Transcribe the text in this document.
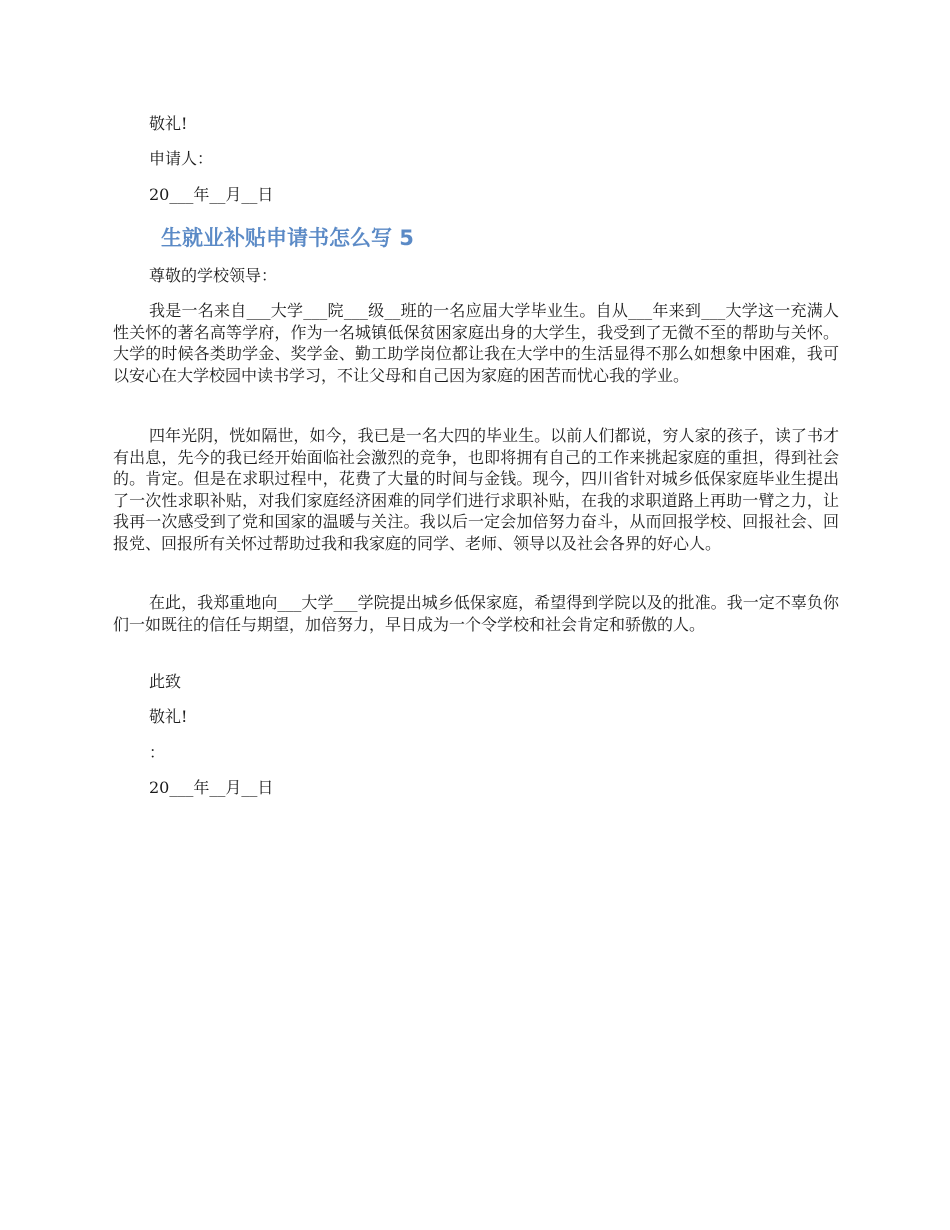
敬礼!
申请人：
20___年__月__日
生就业补贴申请书怎么写 5
尊敬的学校领导：
我是一名来自___大学___院___级__班的一名应届大学毕业生。自从___年来到___大学这一充满人性关怀的著名高等学府，作为一名城镇低保贫困家庭出身的大学生，我受到了无微不至的帮助与关怀。大学的时候各类助学金、奖学金、勤工助学岗位都让我在大学中的生活显得不那么如想象中困难，我可以安心在大学校园中读书学习，不让父母和自己因为家庭的困苦而忧心我的学业。
四年光阴，恍如隔世，如今，我已是一名大四的毕业生。以前人们都说，穷人家的孩子，读了书才有出息，先今的我已经开始面临社会激烈的竞争，也即将拥有自己的工作来挑起家庭的重担，得到社会的。肯定。但是在求职过程中，花费了大量的时间与金钱。现今，四川省针对城乡低保家庭毕业生提出了一次性求职补贴，对我们家庭经济困难的同学们进行求职补贴，在我的求职道路上再助一臂之力，让我再一次感受到了党和国家的温暖与关注。我以后一定会加倍努力奋斗，从而回报学校、回报社会、回报党、回报所有关怀过帮助过我和我家庭的同学、老师、领导以及社会各界的好心人。
在此，我郑重地向___大学___学院提出城乡低保家庭，希望得到学院以及的批准。我一定不辜负你们一如既往的信任与期望，加倍努力，早日成为一个令学校和社会肯定和骄傲的人。
此致
敬礼!
：
20___年__月__日
